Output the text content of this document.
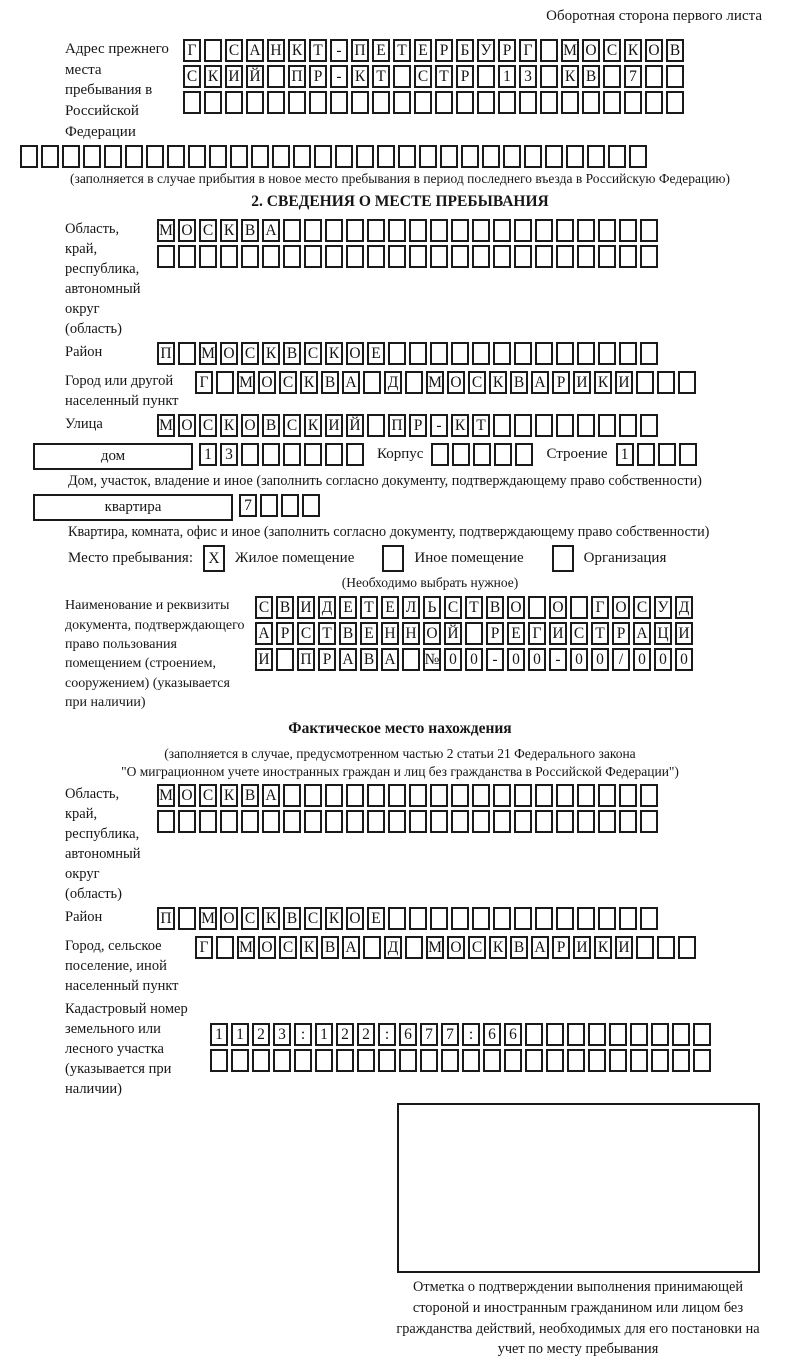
Оборотная сторона первого листа
Адрес прежнего места пребывания в Российской Федерации
Г С А Н К Т - П Е Т Е Р Б У Р Г М О С К О В
С К И Й П Р - К Т С Т Р	1 3	К В	7
(заполняется в случае прибытия в новое место пребывания в период последнего въезда в Российскую Федерацию)
2. СВЕДЕНИЯ О МЕСТЕ ПРЕБЫВАНИЯ
Область, край, республика, автономный округ (область)
М О С К В А
Район	П М О С К В С К О Е
Город или другой населенный пункт
Г М О С К В А Д М О С К В А Р И К И
Улица	М О С К О В С К И Й П Р - К Т
дом	1 3	Корпус	Строение 1
Дом, участок, владение и иное (заполнить согласно документу, подтверждающему право собственности)
квартира	7
Квартира, комната, офис и иное (заполнить согласно документу, подтверждающему право собственности)
Место пребывания: X	Жилое помещение	Иное помещение	Организация
(Необходимо выбрать нужное)
Наименование и реквизиты документа, подтверждающего право пользования помещением (строением, сооружением) (указывается при наличии)
С В И Д Е Т Е Л Ь С Т В О О Г О С У Д
А Р С Т В Е Н Н О Й	Р Е Г И С Т Р А Ц И
И П Р А В А № 0 0 - 0 0 - 0 0 / 0 0 0
Фактическое место нахождения
(заполняется в случае, предусмотренном частью 2 статьи 21 Федерального закона
"О миграционном учете иностранных граждан и лиц без гражданства в Российской Федерации")
Область, край, республика, автономный округ (область)
М О С К В А
Район	П М О С К В С К О Е
Город, сельское поселение, иной населенный пункт
Г М О С К В А Д М О С К В А Р И К И
Кадастровый номер земельного или лесного участка (указывается при наличии)
1 1 2 3 : 1 2 2 : 6 7 7 : 6 6
Отметка о подтверждении выполнения принимающей стороной и иностранным гражданином или лицом без гражданства действий, необходимых для его постановки на учет по месту пребывания
